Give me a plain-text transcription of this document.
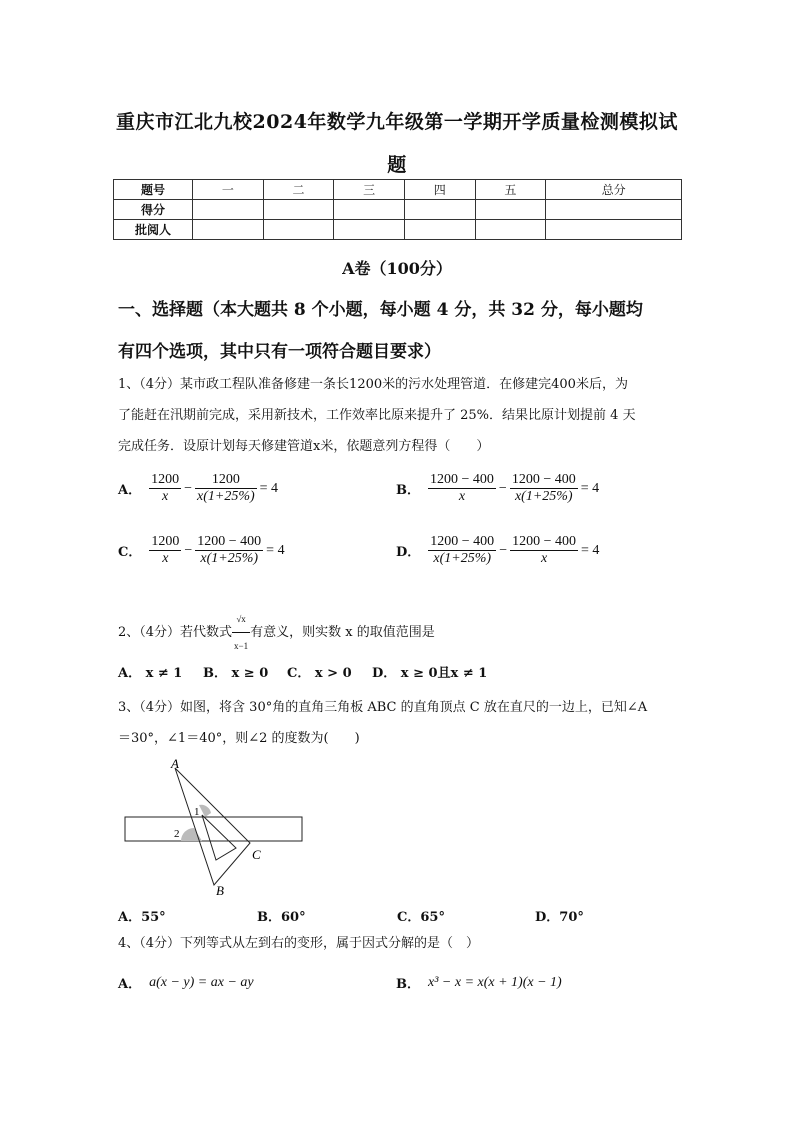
重庆市江北九校2024年数学九年级第一学期开学质量检测模拟试
题
题号	一	二	三	四	五	总分
得分						
批阅人						
A卷（100分）
一、选择题（本大题共 8 个小题，每小题 4 分，共 32 分，每小题均
有四个选项，其中只有一项符合题目要求）
1、（4分）某市政工程队准备修建一条长1200米的污水处理管道．在修建完400米后，为
了能赶在汛期前完成，采用新技术，工作效率比原来提升了 25%．结果比原计划提前 4 天
完成任务．设原计划每天修建管道x米，依题意列方程得（　　）
A． $\frac{1200}{x} - \frac{1200}{x(1+25\%)} = 4$	B． $\frac{1200 - 400}{x} - \frac{1200 - 400}{x(1+25\%)} = 4$
C． $\frac{1200}{x} - \frac{1200 - 400}{x(1+25\%)} = 4$	D． $\frac{1200 - 400}{x(1+25\%)} - \frac{1200 - 400}{x} = 4$
2、（4分）若代数式 $\frac{√x}{x-1}$ 有意义，则实数 x 的取值范围是
A． x ≠ 1 B． x ≥ 0 C． x > 0 D． x ≥ 0且x ≠ 1
3、（4分）如图，将含 30°角的直角三角板 ABC 的直角顶点 C 放在直尺的一边上，已知∠A
＝30°，∠1＝40°，则∠2 的度数为(　　)
A
B
C
1
2
A．55°	B．60°	C．65°	D．70°
4、（4分）下列等式从左到右的变形，属于因式分解的是（　）
A． a(x − y) = ax − ay	B． x³ − x = x(x + 1)(x − 1)
